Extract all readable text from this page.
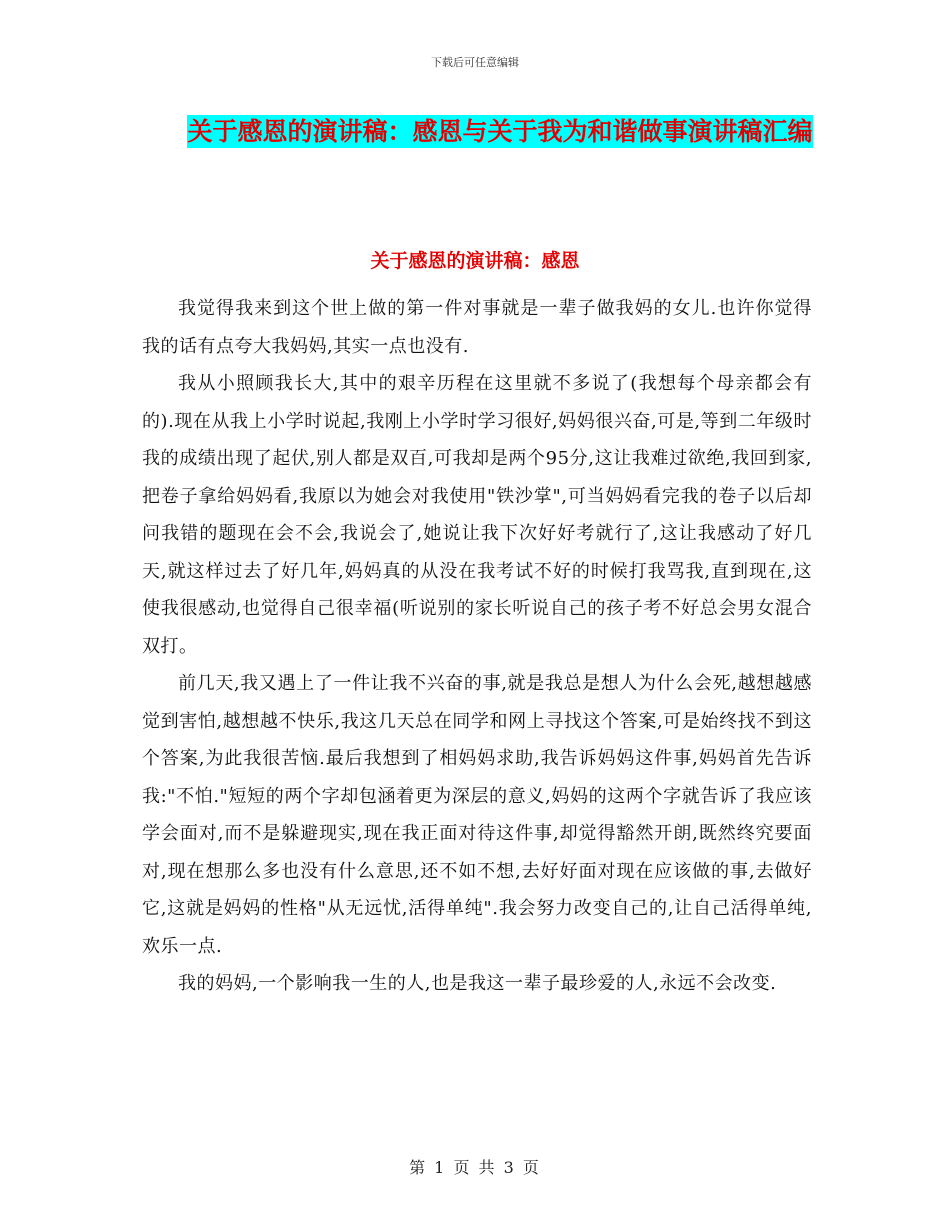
下载后可任意编辑
关于感恩的演讲稿：感恩与关于我为和谐做事演讲稿汇编
关于感恩的演讲稿：感恩

我觉得我来到这个世上做的第一件对事就是一辈子做我妈的女儿.也许你觉得我的话有点夸大我妈妈,其实一点也没有.

我从小照顾我长大,其中的艰辛历程在这里就不多说了(我想每个母亲都会有的).现在从我上小学时说起,我刚上小学时学习很好,妈妈很兴奋,可是,等到二年级时我的成绩出现了起伏,别人都是双百,可我却是两个95分,这让我难过欲绝,我回到家,把卷子拿给妈妈看,我原以为她会对我使用"铁沙掌",可当妈妈看完我的卷子以后却问我错的题现在会不会,我说会了,她说让我下次好好考就行了,这让我感动了好几天,就这样过去了好几年,妈妈真的从没在我考试不好的时候打我骂我,直到现在,这使我很感动,也觉得自己很幸福(听说别的家长听说自己的孩子考不好总会男女混合双打。

前几天,我又遇上了一件让我不兴奋的事,就是我总是想人为什么会死,越想越感觉到害怕,越想越不快乐,我这几天总在同学和网上寻找这个答案,可是始终找不到这个答案,为此我很苦恼.最后我想到了相妈妈求助,我告诉妈妈这件事,妈妈首先告诉我:"不怕."短短的两个字却包涵着更为深层的意义,妈妈的这两个字就告诉了我应该学会面对,而不是躲避现实,现在我正面对待这件事,却觉得豁然开朗,既然终究要面对,现在想那么多也没有什么意思,还不如不想,去好好面对现在应该做的事,去做好它,这就是妈妈的性格"从无远忧,活得单纯".我会努力改变自己的,让自己活得单纯,欢乐一点.

我的妈妈,一个影响我一生的人,也是我这一辈子最珍爱的人,永远不会改变.

第 1 页 共 3 页
